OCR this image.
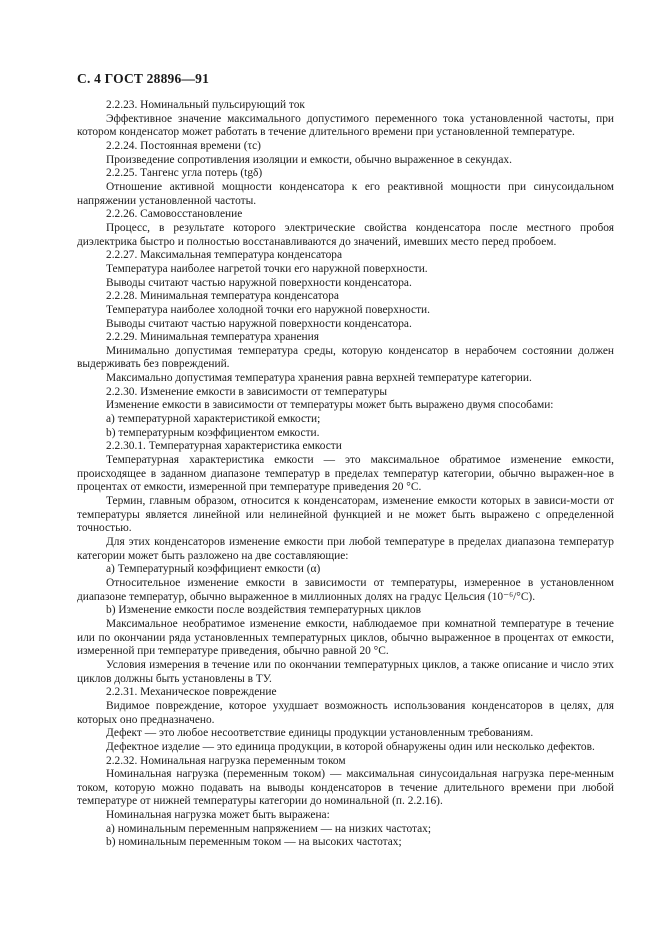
С. 4 ГОСТ 28896—91
2.2.23. Номинальный пульсирующий ток
Эффективное значение максимального допустимого переменного тока установленной частоты, при котором конденсатор может работать в течение длительного времени при установленной температуре.
2.2.24. Постоянная времени (τc)
Произведение сопротивления изоляции и емкости, обычно выраженное в секундах.
2.2.25. Тангенс угла потерь (tgδ)
Отношение активной мощности конденсатора к его реактивной мощности при синусоидальном напряжении установленной частоты.
2.2.26. Самовосстановление
Процесс, в результате которого электрические свойства конденсатора после местного пробоя диэлектрика быстро и полностью восстанавливаются до значений, имевших место перед пробоем.
2.2.27. Максимальная температура конденсатора
Температура наиболее нагретой точки его наружной поверхности.
Выводы считают частью наружной поверхности конденсатора.
2.2.28. Минимальная температура конденсатора
Температура наиболее холодной точки его наружной поверхности.
Выводы считают частью наружной поверхности конденсатора.
2.2.29. Минимальная температура хранения
Минимально допустимая температура среды, которую конденсатор в нерабочем состоянии должен выдерживать без повреждений.
Максимально допустимая температура хранения равна верхней температуре категории.
2.2.30. Изменение емкости в зависимости от температуры
Изменение емкости в зависимости от температуры может быть выражено двумя способами:
а) температурной характеристикой емкости;
b) температурным коэффициентом емкости.
2.2.30.1. Температурная характеристика емкости
Температурная характеристика емкости — это максимальное обратимое изменение емкости, происходящее в заданном диапазоне температур в пределах температур категории, обычно выражен-ное в процентах от емкости, измеренной при температуре приведения 20 °С.
Термин, главным образом, относится к конденсаторам, изменение емкости которых в зависи-мости от температуры является линейной или нелинейной функцией и не может быть выражено с определенной точностью.
Для этих конденсаторов изменение емкости при любой температуре в пределах диапазона температур категории может быть разложено на две составляющие:
а) Температурный коэффициент емкости (α)
Относительное изменение емкости в зависимости от температуры, измеренное в установленном диапазоне температур, обычно выраженное в миллионных долях на градус Цельсия (10⁻⁶/°С).
b) Изменение емкости после воздействия температурных циклов
Максимальное необратимое изменение емкости, наблюдаемое при комнатной температуре в течение или по окончании ряда установленных температурных циклов, обычно выраженное в процентах от емкости, измеренной при температуре приведения, обычно равной 20 °С.
Условия измерения в течение или по окончании температурных циклов, а также описание и число этих циклов должны быть установлены в ТУ.
2.2.31. Механическое повреждение
Видимое повреждение, которое ухудшает возможность использования конденсаторов в целях, для которых оно предназначено.
Дефект — это любое несоответствие единицы продукции установленным требованиям.
Дефектное изделие — это единица продукции, в которой обнаружены один или несколько дефектов.
2.2.32. Номинальная нагрузка переменным током
Номинальная нагрузка (переменным током) — максимальная синусоидальная нагрузка пере-менным током, которую можно подавать на выводы конденсаторов в течение длительного времени при любой температуре от нижней температуры категории до номинальной (п. 2.2.16).
Номинальная нагрузка может быть выражена:
а) номинальным переменным напряжением — на низких частотах;
b) номинальным переменным током — на высоких частотах;
